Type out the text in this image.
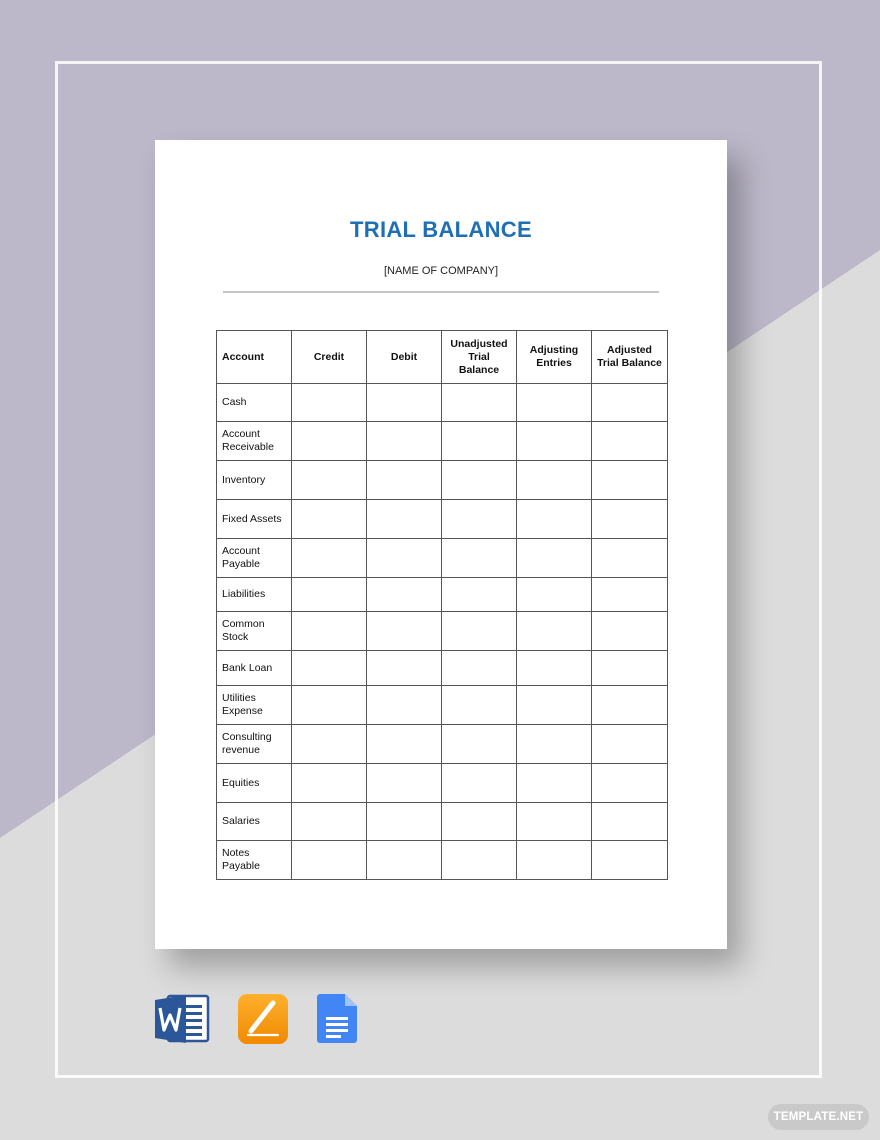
TRIAL BALANCE
[NAME OF COMPANY]
Account	Credit	Debit	Unadjusted Trial Balance	Adjusting Entries	Adjusted Trial Balance
Cash					
Account Receivable					
Inventory					
Fixed Assets					
Account Payable					
Liabilities					
Common Stock					
Bank Loan					
Utilities Expense					
Consulting revenue					
Equities					
Salaries					
Notes Payable					
TEMPLATE.NET
